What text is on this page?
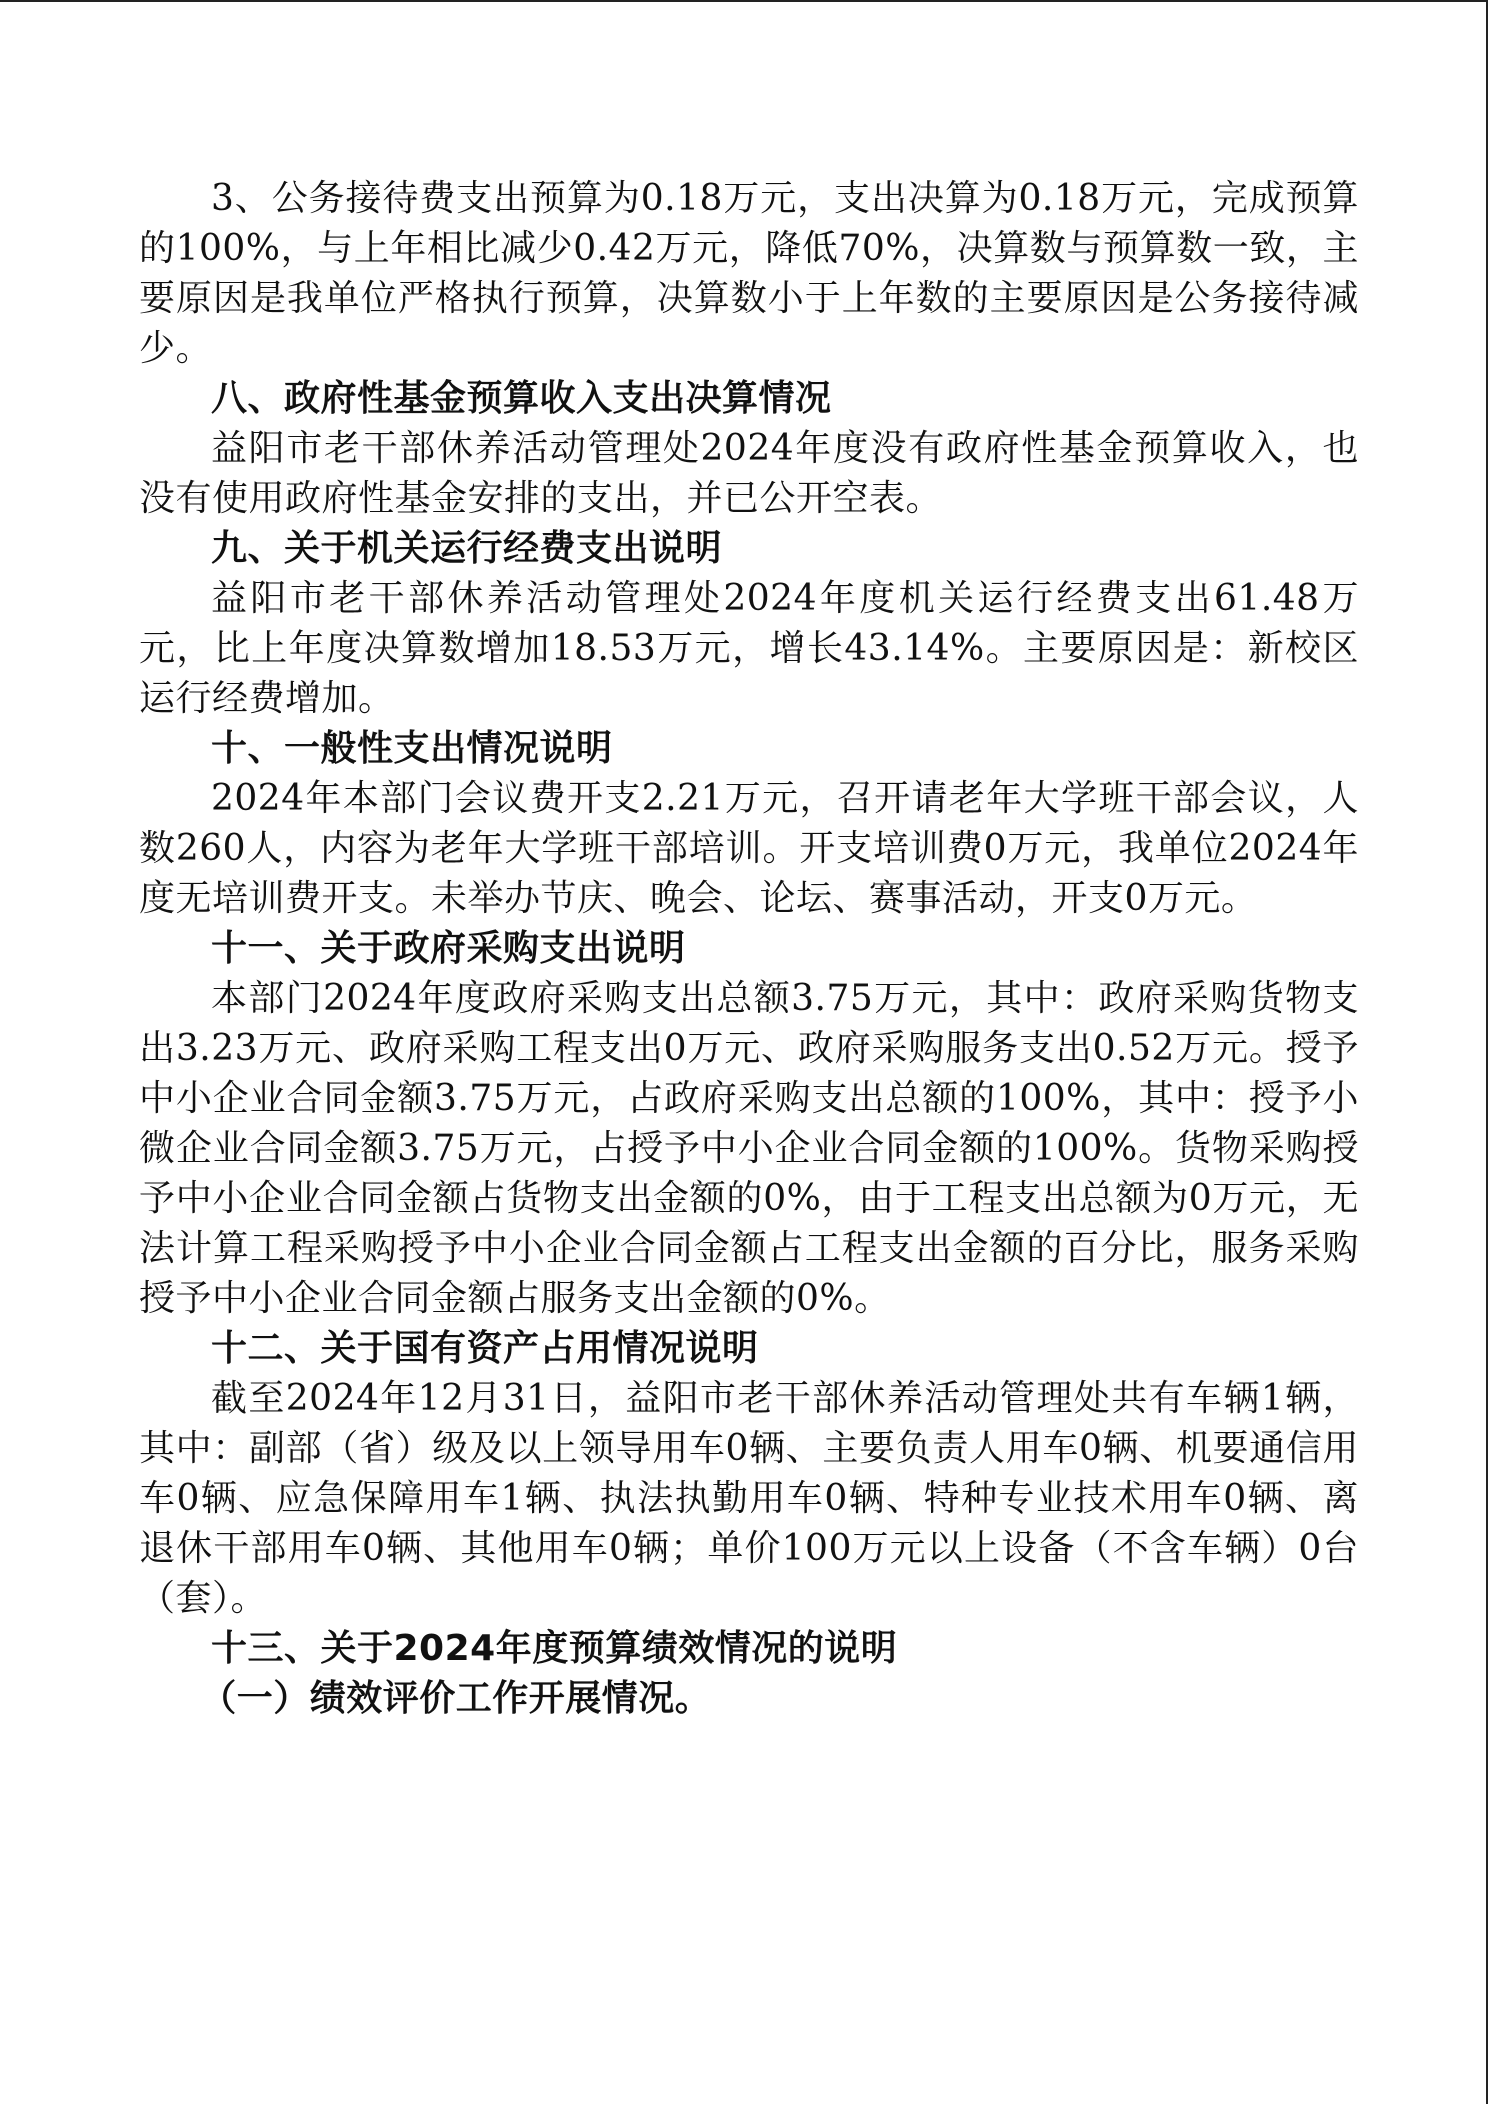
3、公务接待费支出预算为0.18万元，支出决算为0.18万元，完成预算的100%，与上年相比减少0.42万元，降低70%，决算数与预算数一致，主要原因是我单位严格执行预算，决算数小于上年数的主要原因是公务接待减少。

八、政府性基金预算收入支出决算情况

益阳市老干部休养活动管理处2024年度没有政府性基金预算收入，也没有使用政府性基金安排的支出，并已公开空表。

九、关于机关运行经费支出说明

益阳市老干部休养活动管理处2024年度机关运行经费支出61.48万元，比上年度决算数增加18.53万元，增长43.14%。主要原因是：新校区运行经费增加。

十、一般性支出情况说明

2024年本部门会议费开支2.21万元，召开请老年大学班干部会议，人数260人，内容为老年大学班干部培训。开支培训费0万元，我单位2024年度无培训费开支。未举办节庆、晚会、论坛、赛事活动，开支0万元。

十一、关于政府采购支出说明

本部门2024年度政府采购支出总额3.75万元，其中：政府采购货物支出3.23万元、政府采购工程支出0万元、政府采购服务支出0.52万元。授予中小企业合同金额3.75万元，占政府采购支出总额的100%，其中：授予小微企业合同金额3.75万元，占授予中小企业合同金额的100%。货物采购授予中小企业合同金额占货物支出金额的0%，由于工程支出总额为0万元，无法计算工程采购授予中小企业合同金额占工程支出金额的百分比，服务采购授予中小企业合同金额占服务支出金额的0%。

十二、关于国有资产占用情况说明

截至2024年12月31日，益阳市老干部休养活动管理处共有车辆1辆，其中：副部（省）级及以上领导用车0辆、主要负责人用车0辆、机要通信用车0辆、应急保障用车1辆、执法执勤用车0辆、特种专业技术用车0辆、离退休干部用车0辆、其他用车0辆；单价100万元以上设备（不含车辆）0台（套）。

十三、关于2024年度预算绩效情况的说明
（一）绩效评价工作开展情况。
